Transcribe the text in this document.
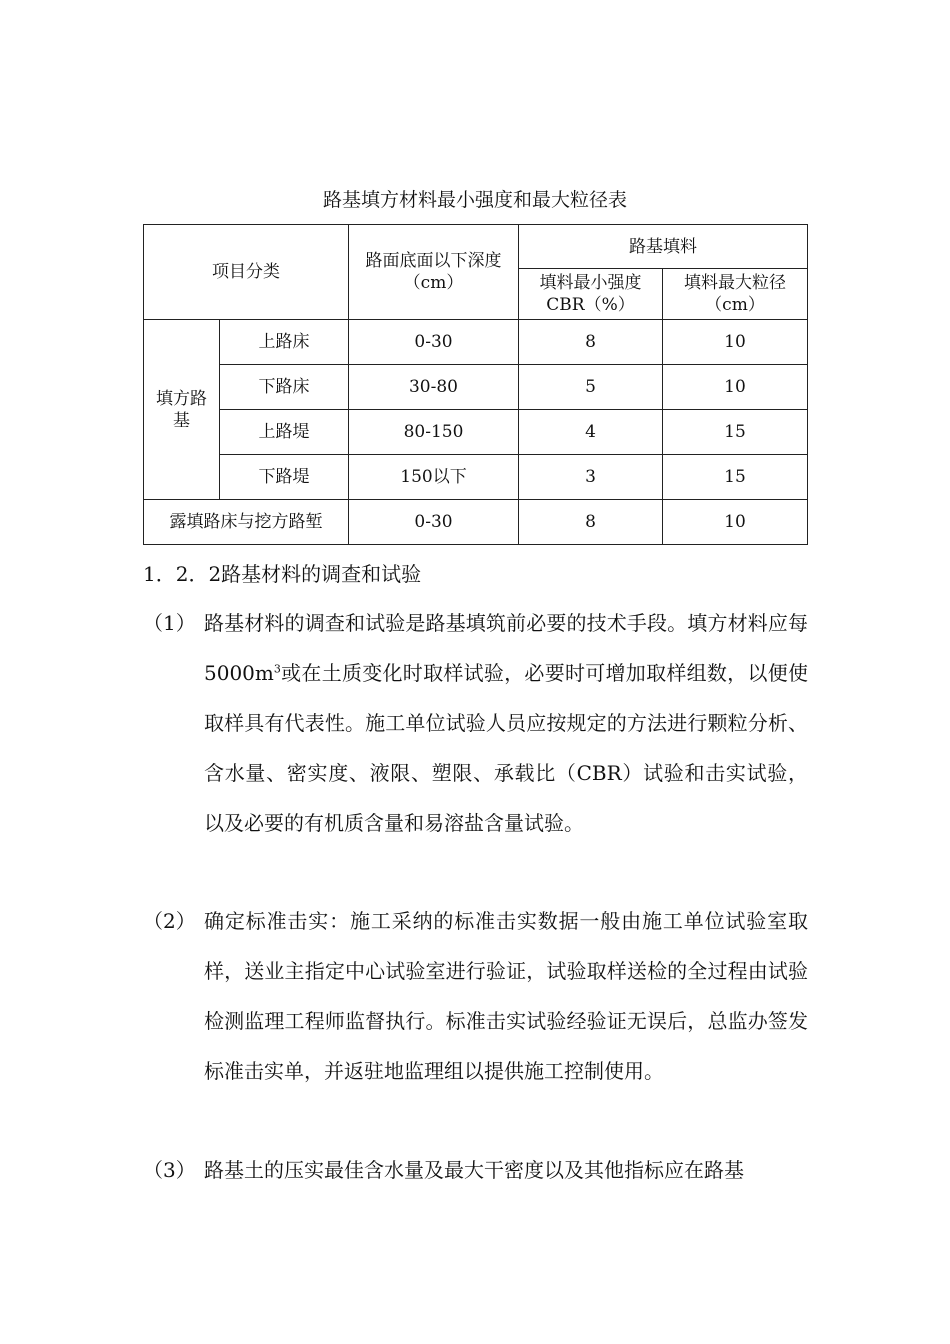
路基填方材料最小强度和最大粒径表
项目分类		路面底面以下深度（cm）	路基填料	
			填料最小强度CBR（%）	填料最大粒径（cm）
填方路基	上路床	0-30	8	10
	下路床	30-80	5	10
	上路堤	80-150	4	15
	下路堤	150以下	3	15
露填路床与挖方路堑		0-30	8	10
1．2．2路基材料的调查和试验
（1） 路基材料的调查和试验是路基填筑前必要的技术手段。填方材料应每$5000m^3$或在土质变化时取样试验，必要时可增加取样组数，以便使取样具有代表性。施工单位试验人员应按规定的方法进行颗粒分析、含水量、密实度、液限、塑限、承载比（CBR）试验和击实试验，以及必要的有机质含量和易溶盐含量试验。
（2） 确定标准击实：施工采纳的标准击实数据一般由施工单位试验室取样，送业主指定中心试验室进行验证，试验取样送检的全过程由试验检测监理工程师监督执行。标准击实试验经验证无误后，总监办签发标准击实单，并返驻地监理组以提供施工控制使用。
（3） 路基土的压实最佳含水量及最大干密度以及其他指标应在路基
